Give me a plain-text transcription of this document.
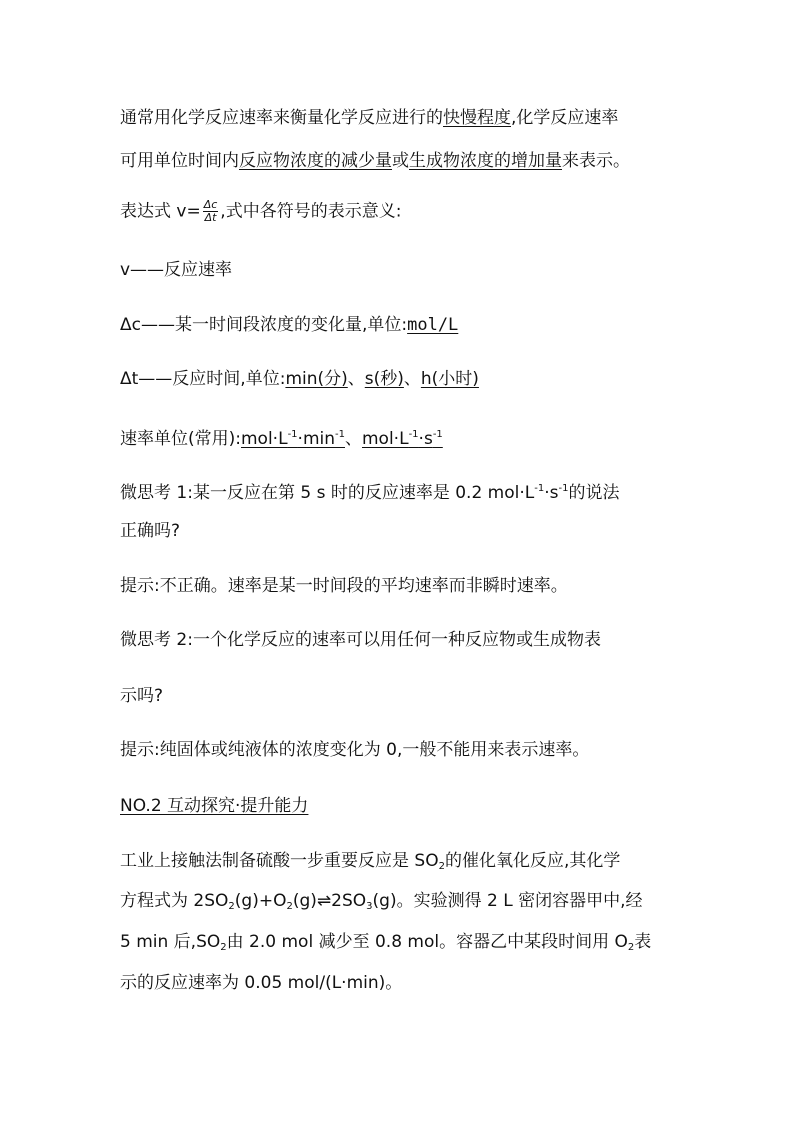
通常用化学反应速率来衡量化学反应进行的快慢程度,化学反应速率
可用单位时间内反应物浓度的减少量或生成物浓度的增加量来表示。
表达式 $v= \frac{\Delta c}{\Delta t}$ ,式中各符号的表示意义:
v——反应速率
Δc——某一时间段浓度的变化量,单位:mol/L
Δt——反应时间,单位:min(分)、s(秒)、h(小时)
速率单位(常用)$:mol\cdot L^{-1}\cdot\min^{-1}$、$mol\cdot L^{-1}\cdot s^{-1}$
微思考 1:某一反应在第 5 s 时的反应速率是 0.2 $mol\cdot L^{-1}\cdot s^{-1}$的说法
正确吗?
提示:不正确。速率是某一时间段的平均速率而非瞬时速率。
微思考 2:一个化学反应的速率可以用任何一种反应物或生成物表
示吗?
提示:纯固体或纯液体的浓度变化为 0,一般不能用来表示速率。
NO.2 互动探究·提升能力
工业上接触法制备硫酸一步重要反应是 $SO_2$的催化氧化反应,其化学
方程式为 $2SO_2(g)+O_2(g)\rightleftharpoons 2SO_3(g)$。实验测得 2 L 密闭容器甲中,经
5 min 后$,SO_2$由 2.0 mol 减少至 0.8 mol。容器乙中某段时间用 $O_2$表
示的反应速率为 0.05 mol/(L·min)。
